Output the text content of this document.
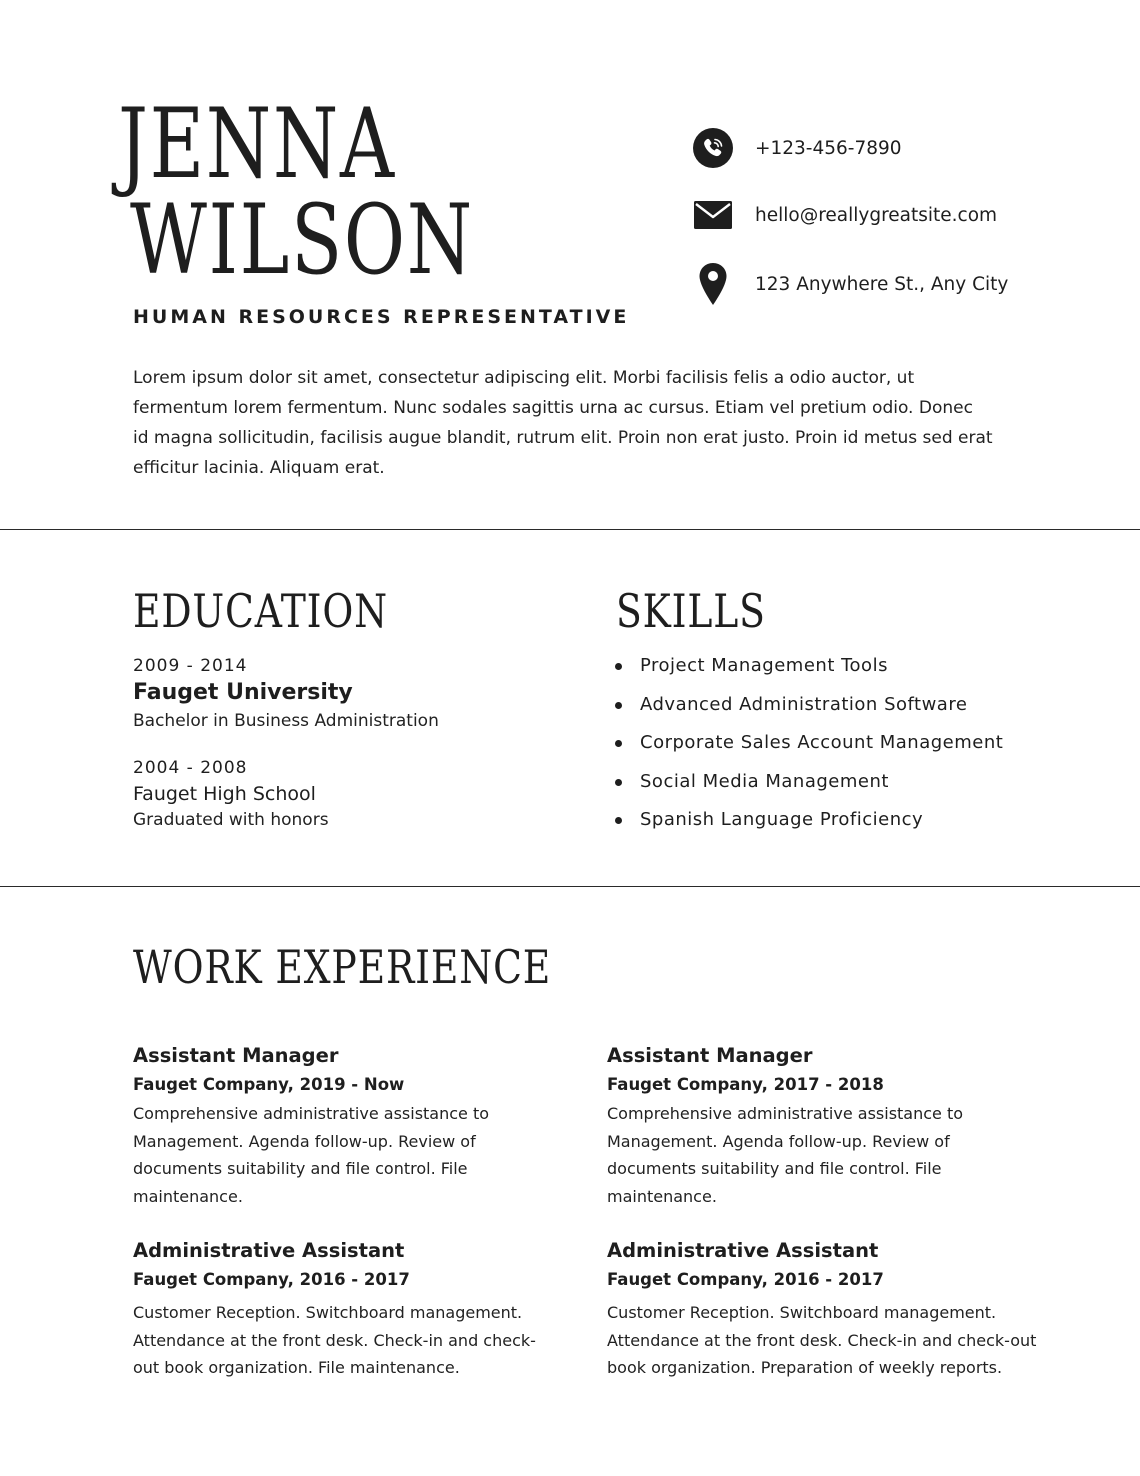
JENNA
WILSON
HUMAN RESOURCES REPRESENTATIVE
+123-456-7890
hello@reallygreatsite.com
123 Anywhere St., Any City

Lorem ipsum dolor sit amet, consectetur adipiscing elit. Morbi facilisis felis a odio auctor, ut fermentum lorem fermentum. Nunc sodales sagittis urna ac cursus. Etiam vel pretium odio. Donec id magna sollicitudin, facilisis augue blandit, rutrum elit. Proin non erat justo. Proin id metus sed erat efficitur lacinia. Aliquam erat.

EDUCATION
2009 - 2014
Fauget University
Bachelor in Business Administration
2004 - 2008
Fauget High School
Graduated with honors
SKILLS
Project Management Tools
Advanced Administration Software
Corporate Sales Account Management
Social Media Management
Spanish Language Proficiency
WORK EXPERIENCE
Assistant Manager
Fauget Company, 2019 - Now
Comprehensive administrative assistance to Management. Agenda follow-up. Review of documents suitability and file control. File maintenance.
Assistant Manager
Fauget Company, 2017 - 2018
Comprehensive administrative assistance to Management. Agenda follow-up. Review of documents suitability and file control. File maintenance.
Administrative Assistant
Fauget Company, 2016 - 2017
Customer Reception. Switchboard management. Attendance at the front desk. Check-in and check-out book organization. File maintenance.
Administrative Assistant
Fauget Company, 2016 - 2017
Customer Reception. Switchboard management. Attendance at the front desk. Check-in and check-out book organization. Preparation of weekly reports.
